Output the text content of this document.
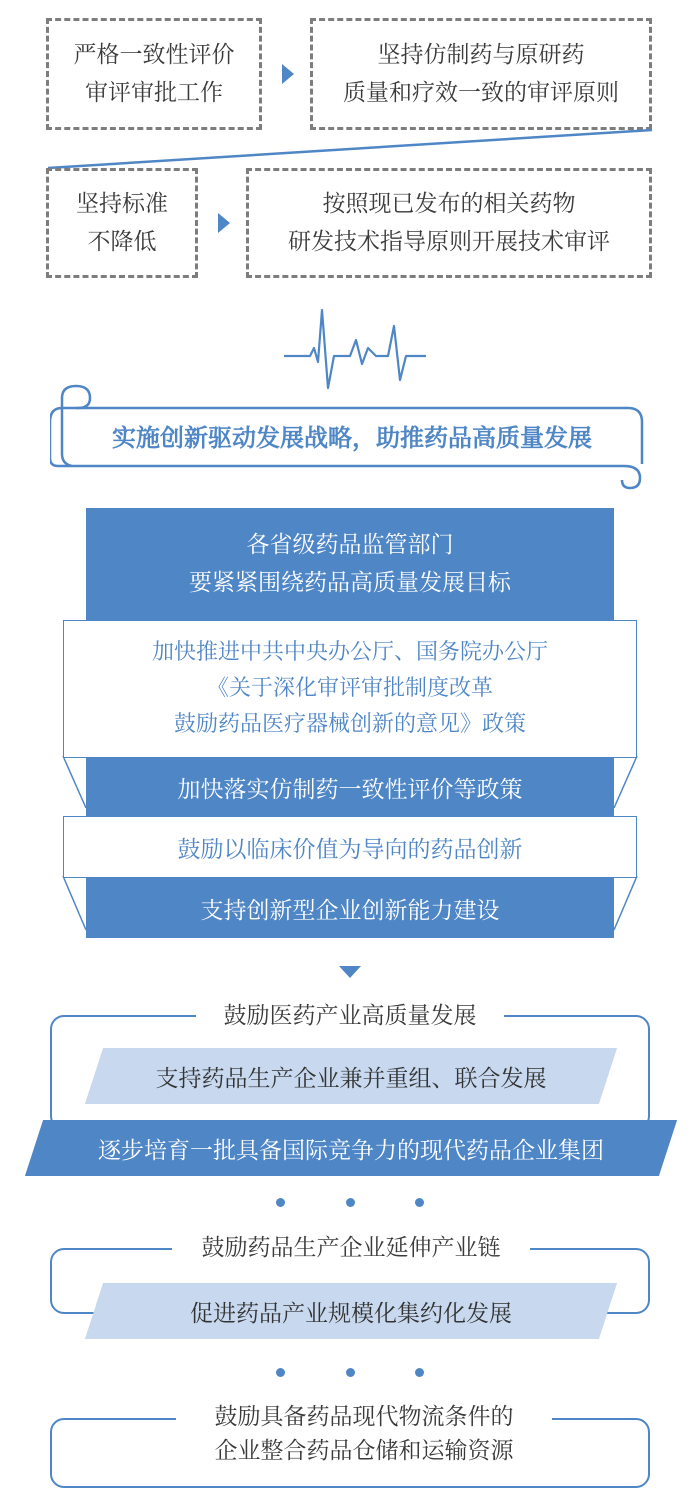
严格一致性评价
审评审批工作
坚持仿制药与原研药
质量和疗效一致的审评原则
坚持标准
不降低
按照现已发布的相关药物
研发技术指导原则开展技术审评
实施创新驱动发展战略，助推药品高质量发展
各省级药品监管部门
要紧紧围绕药品高质量发展目标
加快推进中共中央办公厅、国务院办公厅
《关于深化审评审批制度改革
鼓励药品医疗器械创新的意见》政策
加快落实仿制药一致性评价等政策
鼓励以临床价值为导向的药品创新
支持创新型企业创新能力建设
鼓励医药产业高质量发展
支持药品生产企业兼并重组、联合发展
逐步培育一批具备国际竞争力的现代药品企业集团
鼓励药品生产企业延伸产业链
促进药品产业规模化集约化发展
鼓励具备药品现代物流条件的
企业整合药品仓储和运输资源
